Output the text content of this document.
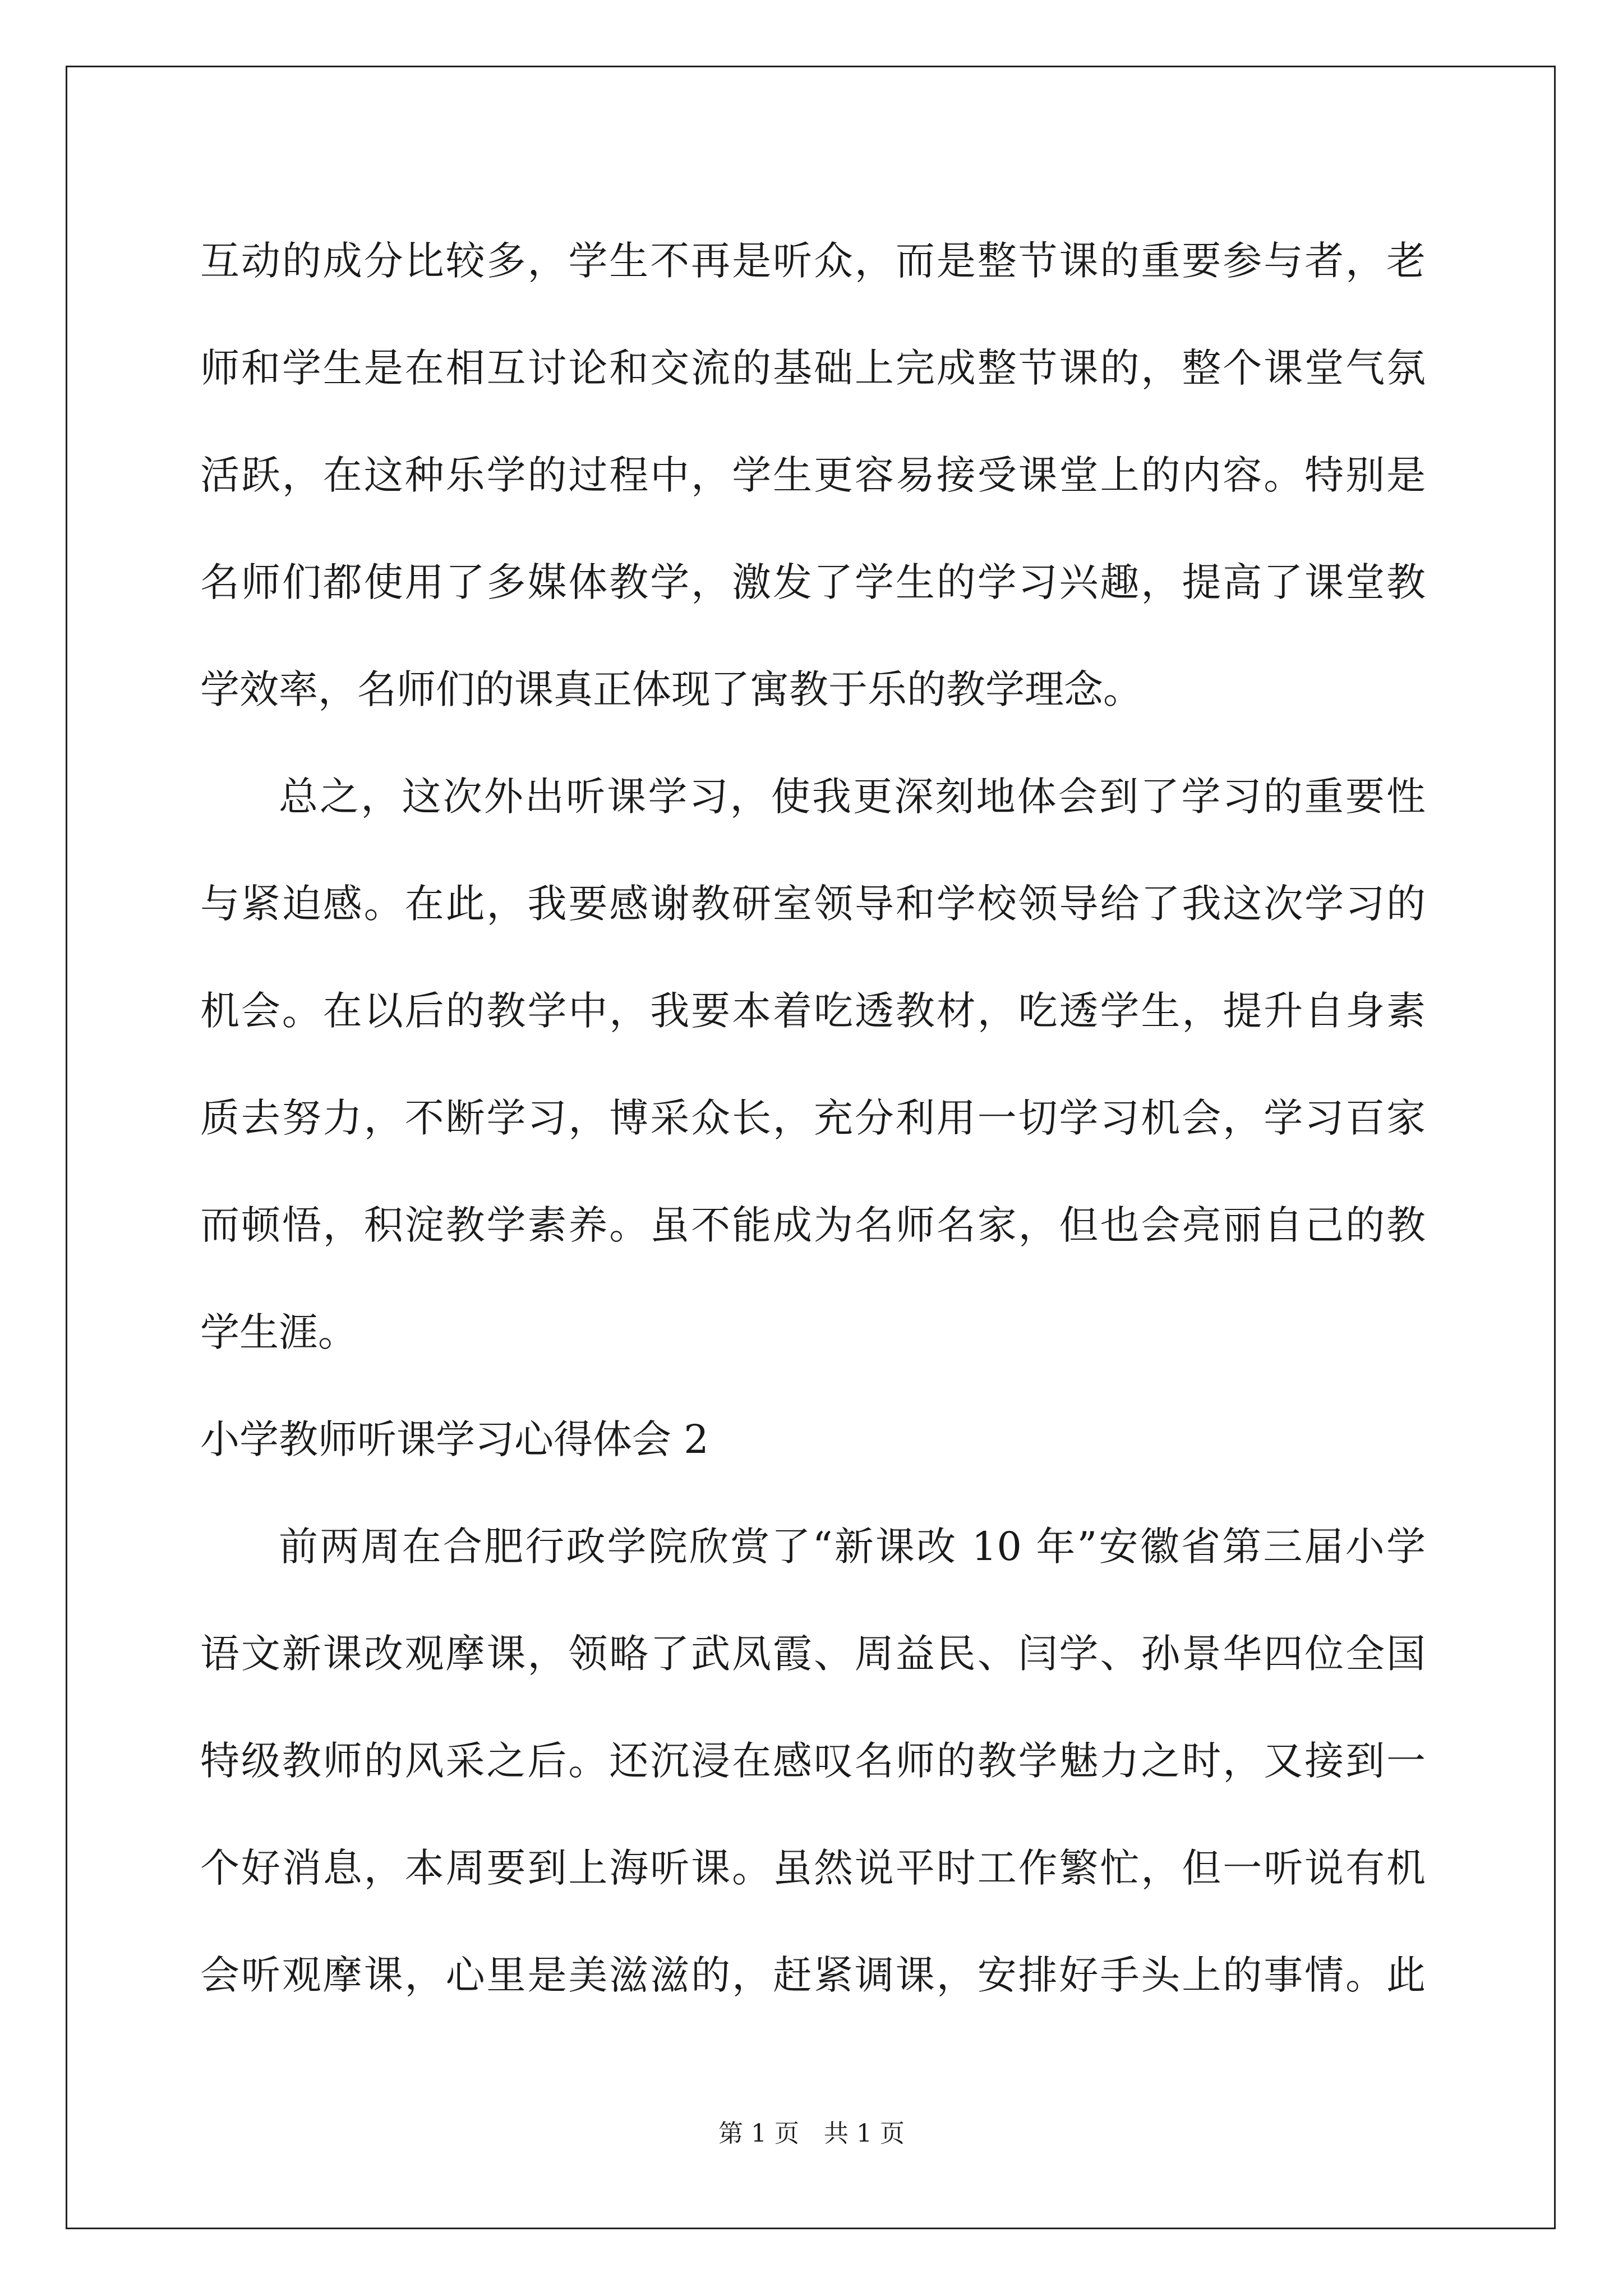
互动的成分比较多，学生不再是听众，而是整节课的重要参与者，老
师和学生是在相互讨论和交流的基础上完成整节课的，整个课堂气氛
活跃，在这种乐学的过程中，学生更容易接受课堂上的内容。特别是
名师们都使用了多媒体教学，激发了学生的学习兴趣，提高了课堂教
学效率，名师们的课真正体现了寓教于乐的教学理念。
总之，这次外出听课学习，使我更深刻地体会到了学习的重要性
与紧迫感。在此，我要感谢教研室领导和学校领导给了我这次学习的
机会。在以后的教学中，我要本着吃透教材，吃透学生，提升自身素
质去努力，不断学习，博采众长，充分利用一切学习机会，学习百家
而顿悟，积淀教学素养。虽不能成为名师名家，但也会亮丽自己的教
学生涯。
小学教师听课学习心得体会 2
前两周在合肥行政学院欣赏了“新课改 10 年”安徽省第三届小学
语文新课改观摩课，领略了武凤霞、周益民、闫学、孙景华四位全国
特级教师的风采之后。还沉浸在感叹名师的教学魅力之时，又接到一
个好消息，本周要到上海听课。虽然说平时工作繁忙，但一听说有机
会听观摩课，心里是美滋滋的，赶紧调课，安排好手头上的事情。此
第 1 页 共 1 页
